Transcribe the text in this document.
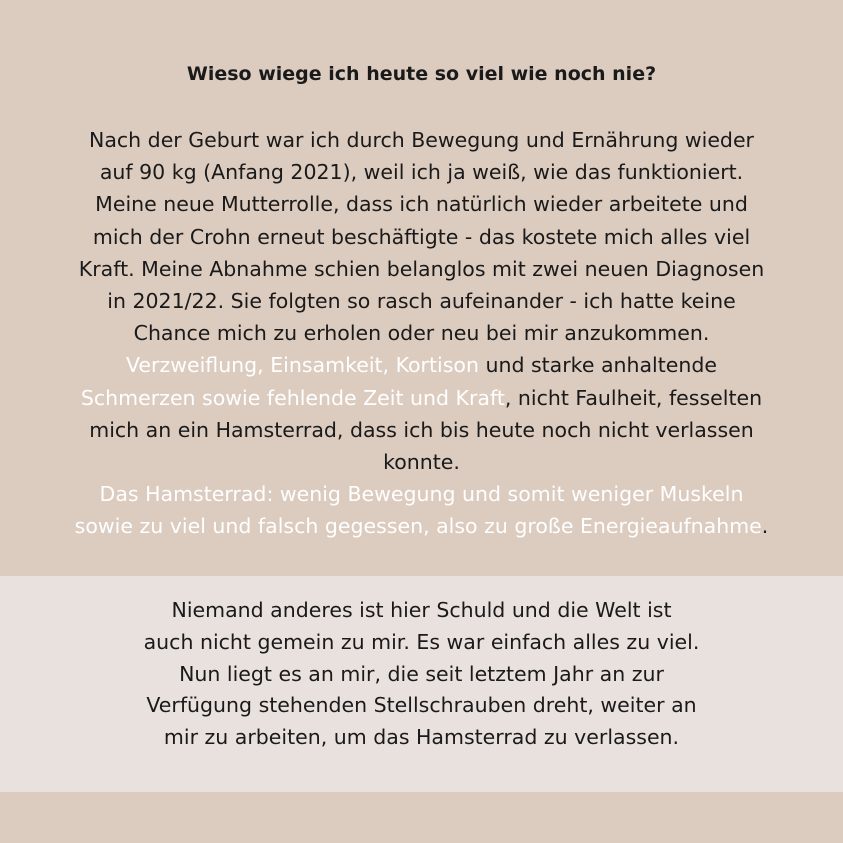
Wieso wiege ich heute so viel wie noch nie?
Nach der Geburt war ich durch Bewegung und Ernährung wieder
auf 90 kg (Anfang 2021), weil ich ja weiß, wie das funktioniert.
Meine neue Mutterrolle, dass ich natürlich wieder arbeitete und
mich der Crohn erneut beschäftigte - das kostete mich alles viel
Kraft. Meine Abnahme schien belanglos mit zwei neuen Diagnosen
in 2021/22. Sie folgten so rasch aufeinander - ich hatte keine
Chance mich zu erholen oder neu bei mir anzukommen.
Verzweiflung, Einsamkeit, Kortison und starke anhaltende
Schmerzen sowie fehlende Zeit und Kraft, nicht Faulheit, fesselten
mich an ein Hamsterrad, dass ich bis heute noch nicht verlassen
konnte.
Das Hamsterrad: wenig Bewegung und somit weniger Muskeln
sowie zu viel und falsch gegessen, also zu große Energieaufnahme.
Niemand anderes ist hier Schuld und die Welt ist
auch nicht gemein zu mir. Es war einfach alles zu viel.
Nun liegt es an mir, die seit letztem Jahr an zur
Verfügung stehenden Stellschrauben dreht, weiter an
mir zu arbeiten, um das Hamsterrad zu verlassen.
